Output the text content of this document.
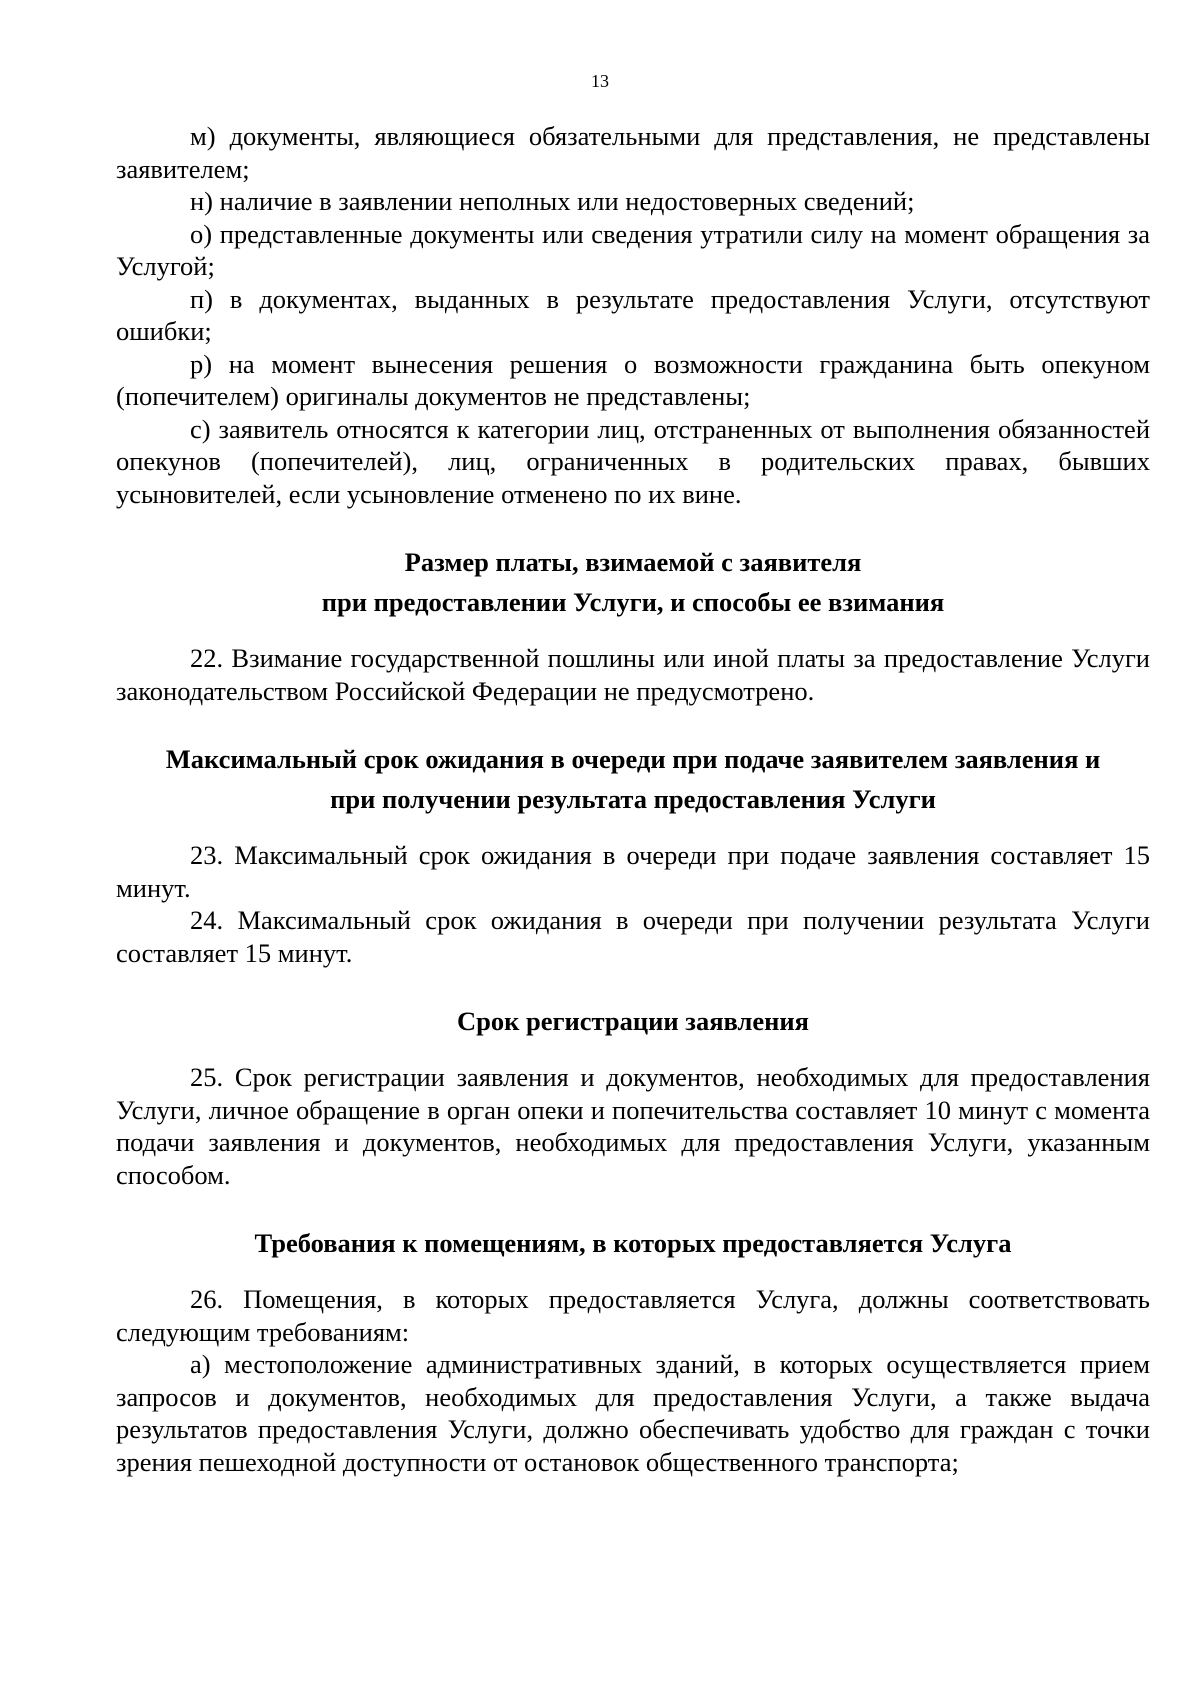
13

м) документы, являющиеся обязательными для представления, не представлены заявителем;

н) наличие в заявлении неполных или недостоверных сведений;

о) представленные документы или сведения утратили силу на момент обращения за Услугой;

п) в документах, выданных в результате предоставления Услуги, отсутствуют ошибки;

р) на момент вынесения решения о возможности гражданина быть опекуном (попечителем) оригиналы документов не представлены;

с) заявитель относятся к категории лиц, отстраненных от выполнения обязанностей опекунов (попечителей), лиц, ограниченных в родительских правах, бывших усыновителей, если усыновление отменено по их вине.

Размер платы, взимаемой с заявителя
при предоставлении Услуги, и способы ее взимания

22. Взимание государственной пошлины или иной платы за предоставление Услуги законодательством Российской Федерации не предусмотрено.

Максимальный срок ожидания в очереди при подаче заявителем заявления и
при получении результата предоставления Услуги

23. Максимальный срок ожидания в очереди при подаче заявления составляет 15 минут.

24. Максимальный срок ожидания в очереди при получении результата Услуги составляет 15 минут.

Срок регистрации заявления

25. Срок регистрации заявления и документов, необходимых для предоставления Услуги, личное обращение в орган опеки и попечительства составляет 10 минут с момента подачи заявления и документов, необходимых для предоставления Услуги, указанным способом.

Требования к помещениям, в которых предоставляется Услуга

26. Помещения, в которых предоставляется Услуга, должны соответствовать следующим требованиям:

а) местоположение административных зданий, в которых осуществляется прием запросов и документов, необходимых для предоставления Услуги, а также выдача результатов предоставления Услуги, должно обеспечивать удобство для граждан с точки зрения пешеходной доступности от остановок общественного транспорта;
